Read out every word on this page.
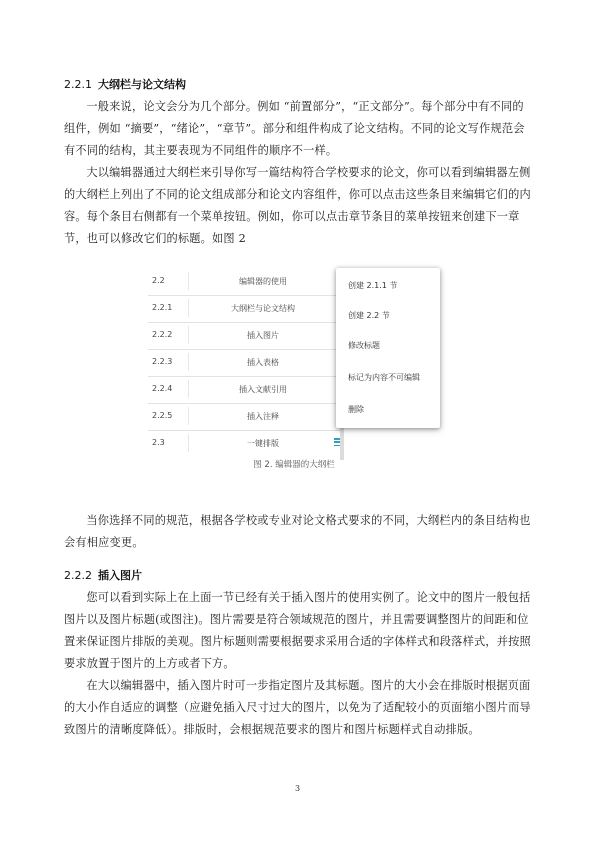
2.2.1 大纲栏与论文结构

一般来说，论文会分为几个部分。例如 “前置部分”，“正文部分”。每个部分中有不同的组件，例如 “摘要”，“绪论”，“章节”。部分和组件构成了论文结构。不同的论文写作规范会有不同的结构，其主要表现为不同组件的顺序不一样。

大以编辑器通过大纲栏来引导你写一篇结构符合学校要求的论文，你可以看到编辑器左侧的大纲栏上列出了不同的论文组成部分和论文内容组件，你可以点击这些条目来编辑它们的内容。每个条目右侧都有一个菜单按钮。例如，你可以点击章节条目的菜单按钮来创建下一章节，也可以修改它们的标题。如图 2

2.2	编辑器的使用
2.2.1	大纲栏与论文结构
2.2.2	插入图片
2.2.3	插入表格
2.2.4	插入文献引用
2.2.5	插入注释
2.3	一键排版
创建 2.1.1 节
创建 2.2 节
修改标题
标记为内容不可编辑
删除
图 2. 编辑器的大纲栏

当你选择不同的规范，根据各学校或专业对论文格式要求的不同，大纲栏内的条目结构也会有相应变更。

2.2.2 插入图片

您可以看到实际上在上面一节已经有关于插入图片的使用实例了。论文中的图片一般包括图片以及图片标题(或图注)。图片需要是符合领域规范的图片，并且需要调整图片的间距和位置来保证图片排版的美观。图片标题则需要根据要求采用合适的字体样式和段落样式，并按照要求放置于图片的上方或者下方。

在大以编辑器中，插入图片时可一步指定图片及其标题。图片的大小会在排版时根据页面的大小作自适应的调整（应避免插入尺寸过大的图片，以免为了适配较小的页面缩小图片而导致图片的清晰度降低）。排版时，会根据规范要求的图片和图片标题样式自动排版。

3
